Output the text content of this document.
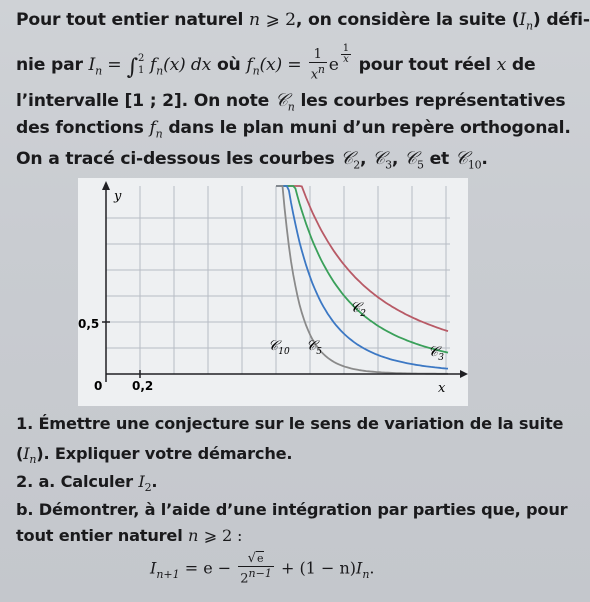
Pour tout entier naturel n ⩾ 2, on considère la suite $(I_n)$ défi-
nie par $I_n$ = ∫ 2
1 $f_n(x)$ dx où $f_n(x) = \frac{1}{x^n}$ e $^{\frac{1}{x}}$ pour tout réel x de
l’intervalle [1 ; 2]. On note 𝒞$_n$ les courbes représentatives
des fonctions $f_n$ dans le plan muni d’un repère orthogonal.
On a tracé ci-dessous les courbes 𝒞$_2$, 𝒞$_3$, 𝒞$_5$ et 𝒞$_{10}$.
y
x
0 0,2
0,5
𝒞$_2$
𝒞$_3$
𝒞$_5$
𝒞$_{10}$
1. Émettre une conjecture sur le sens de variation de la suite
$(I_n)$. Expliquer votre démarche.
2. a. Calculer $I_2$.
b. Démontrer, à l’aide d’une intégration par parties que, pour
tout entier naturel n ⩾ 2 :
$I_{n+1} = e - \frac{√e}{2^{n-1}} + (1 - n)I_n$.
